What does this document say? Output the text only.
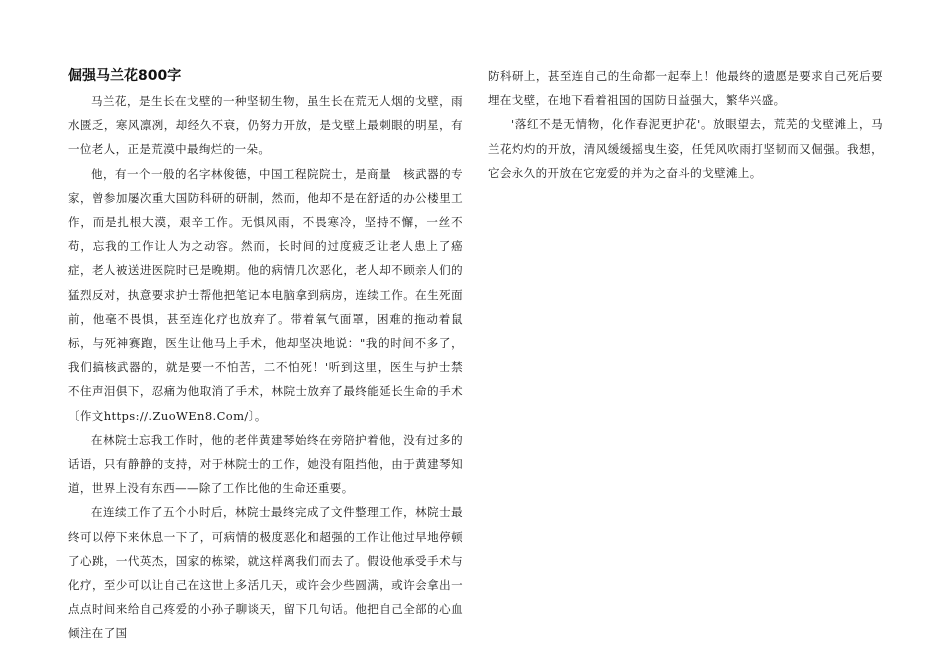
倔强马兰花800字

马兰花，是生长在戈壁的一种坚韧生物，虽生长在荒无人烟的戈壁，雨水匮乏，寒风凛冽，却经久不衰，仍努力开放，是戈壁上最刺眼的明星，有一位老人，正是荒漠中最绚烂的一朵。

他，有一个一般的名字林俊德，中国工程院院士，是商量　核武器的专家，曾参加屡次重大国防科研的研制，然而，他却不是在舒适的办公楼里工作，而是扎根大漠，艰辛工作。无惧风雨，不畏寒冷，坚持不懈，一丝不苟，忘我的工作让人为之动容。然而，长时间的过度疲乏让老人患上了癌症，老人被送进医院时已是晚期。他的病情几次恶化，老人却不顾亲人们的猛烈反对，执意要求护士帮他把笔记本电脑拿到病房，连续工作。在生死面前，他毫不畏惧，甚至连化疗也放弃了。带着氧气面罩，困难的拖动着鼠标，与死神赛跑，医生让他马上手术，他却坚决地说："我的时间不多了，我们搞核武器的，就是要一不怕苦，二不怕死！'听到这里，医生与护士禁不住声泪俱下，忍痛为他取消了手术，林院士放弃了最终能延长生命的手术〔作文https://.ZuoWEn8.Com/〕。

在林院士忘我工作时，他的老伴黄建琴始终在旁陪护着他，没有过多的话语，只有静静的支持，对于林院士的工作，她没有阻挡他，由于黄建琴知道，世界上没有东西——除了工作比他的生命还重要。

在连续工作了五个小时后，林院士最终完成了文件整理工作，林院士最终可以停下来休息一下了，可病情的极度恶化和超强的工作让他过早地停顿了心跳，一代英杰，国家的栋梁，就这样离我们而去了。假设他承受手术与化疗，至少可以让自己在这世上多活几天，或许会少些圆满，或许会拿出一点点时间来给自己疼爱的小孙子聊谈天，留下几句话。他把自己全部的心血倾注在了国

防科研上，甚至连自己的生命都一起奉上！他最终的遗愿是要求自己死后要埋在戈壁，在地下看着祖国的国防日益强大，繁华兴盛。

'落红不是无情物，化作春泥更护花'。放眼望去，荒芜的戈壁滩上，马兰花灼灼的开放，清风缓缓摇曳生姿，任凭风吹雨打坚韧而又倔强。我想，它会永久的开放在它宠爱的并为之奋斗的戈壁滩上。
